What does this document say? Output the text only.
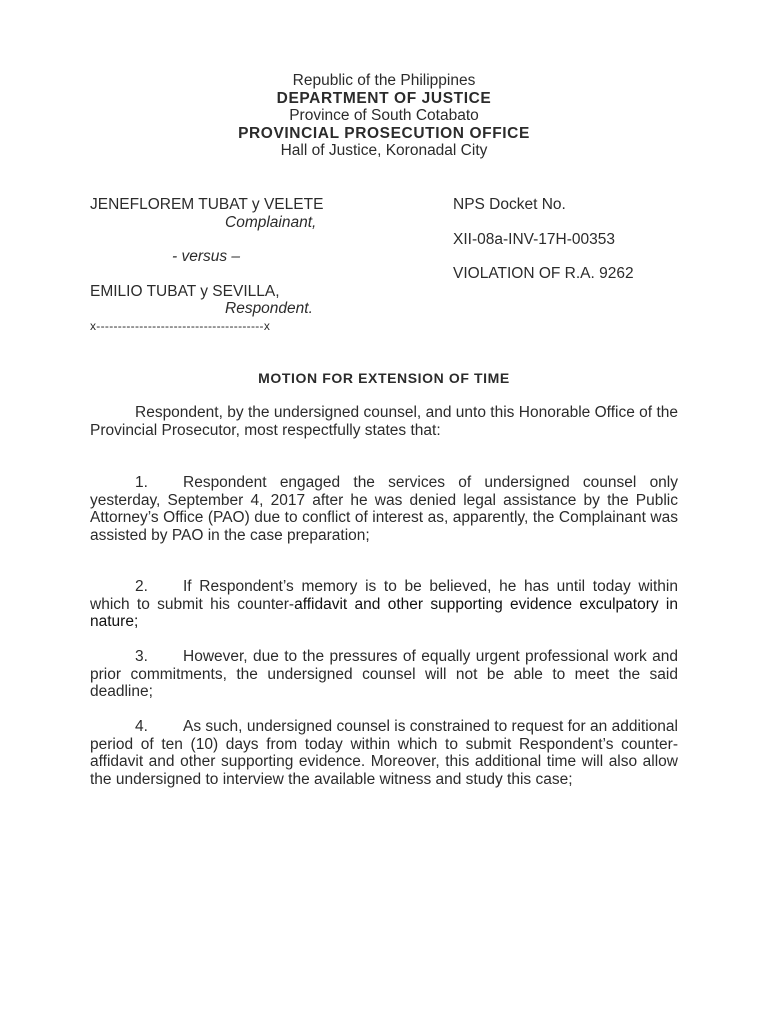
Republic of the Philippines
DEPARTMENT OF JUSTICE
Province of South Cotabato
PROVINCIAL PROSECUTION OFFICE
Hall of Justice, Koronadal City
JENEFLOREM TUBAT y VELETE
Complainant,
- versus –
EMILIO TUBAT y SEVILLA,
Respondent.
x---------------------------------------x
NPS Docket No.
XII-08a-INV-17H-00353
VIOLATION OF R.A. 9262
MOTION FOR EXTENSION OF TIME
Respondent, by the undersigned counsel, and unto this Honorable Office of the Provincial Prosecutor, most respectfully states that:
1. Respondent engaged the services of undersigned counsel only yesterday, September 4, 2017 after he was denied legal assistance by the Public Attorney’s Office (PAO) due to conflict of interest as, apparently, the Complainant was assisted by PAO in the case preparation;
2. If Respondent’s memory is to be believed, he has until today within which to submit his counter-affidavit and other supporting evidence exculpatory in nature;
3. However, due to the pressures of equally urgent professional work and prior commitments, the undersigned counsel will not be able to meet the said deadline;
4. As such, undersigned counsel is constrained to request for an additional period of ten (10) days from today within which to submit Respondent’s counter-affidavit and other supporting evidence. Moreover, this additional time will also allow the undersigned to interview the available witness and study this case;
